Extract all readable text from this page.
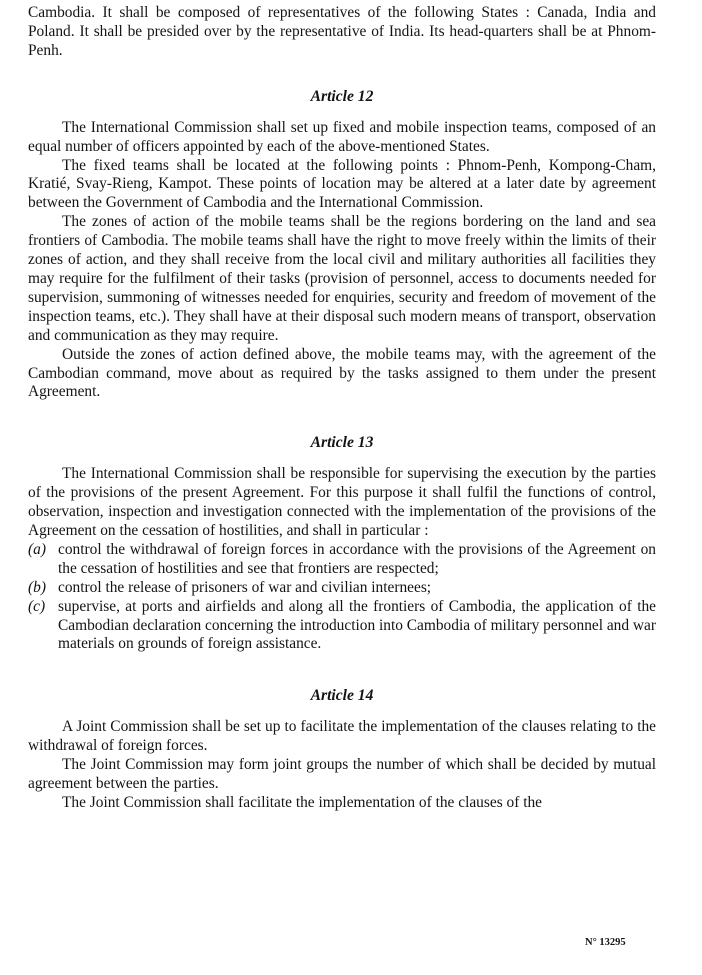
Cambodia. It shall be composed of representatives of the following States : Canada, India and Poland. It shall be presided over by the representative of India. Its head-quarters shall be at Phnom-Penh.

Article 12

The International Commission shall set up fixed and mobile inspection teams, composed of an equal number of officers appointed by each of the above-mentioned States.

The fixed teams shall be located at the following points : Phnom-Penh, Kompong-Cham, Kratié, Svay-Rieng, Kampot. These points of location may be altered at a later date by agreement between the Government of Cambodia and the International Commission.

The zones of action of the mobile teams shall be the regions bordering on the land and sea frontiers of Cambodia. The mobile teams shall have the right to move freely within the limits of their zones of action, and they shall receive from the local civil and military authorities all facilities they may require for the fulfilment of their tasks (provision of personnel, access to documents needed for supervision, summoning of witnesses needed for enquiries, security and freedom of movement of the inspection teams, etc.). They shall have at their disposal such modern means of transport, observation and communication as they may require.

Outside the zones of action defined above, the mobile teams may, with the agreement of the Cambodian command, move about as required by the tasks assigned to them under the present Agreement.

Article 13

The International Commission shall be responsible for supervising the execution by the parties of the provisions of the present Agreement. For this purpose it shall fulfil the functions of control, observation, inspection and investigation connected with the implementation of the provisions of the Agreement on the cessation of hostilities, and shall in particular :

(a) control the withdrawal of foreign forces in accordance with the provisions of the Agreement on the cessation of hostilities and see that frontiers are respected;
(b) control the release of prisoners of war and civilian internees;
(c) supervise, at ports and airfields and along all the frontiers of Cambodia, the application of the Cambodian declaration concerning the introduction into Cambodia of military personnel and war materials on grounds of foreign assistance.
Article 14

A Joint Commission shall be set up to facilitate the implementation of the clauses relating to the withdrawal of foreign forces.

The Joint Commission may form joint groups the number of which shall be decided by mutual agreement between the parties.

The Joint Commission shall facilitate the implementation of the clauses of the

N° 13295
